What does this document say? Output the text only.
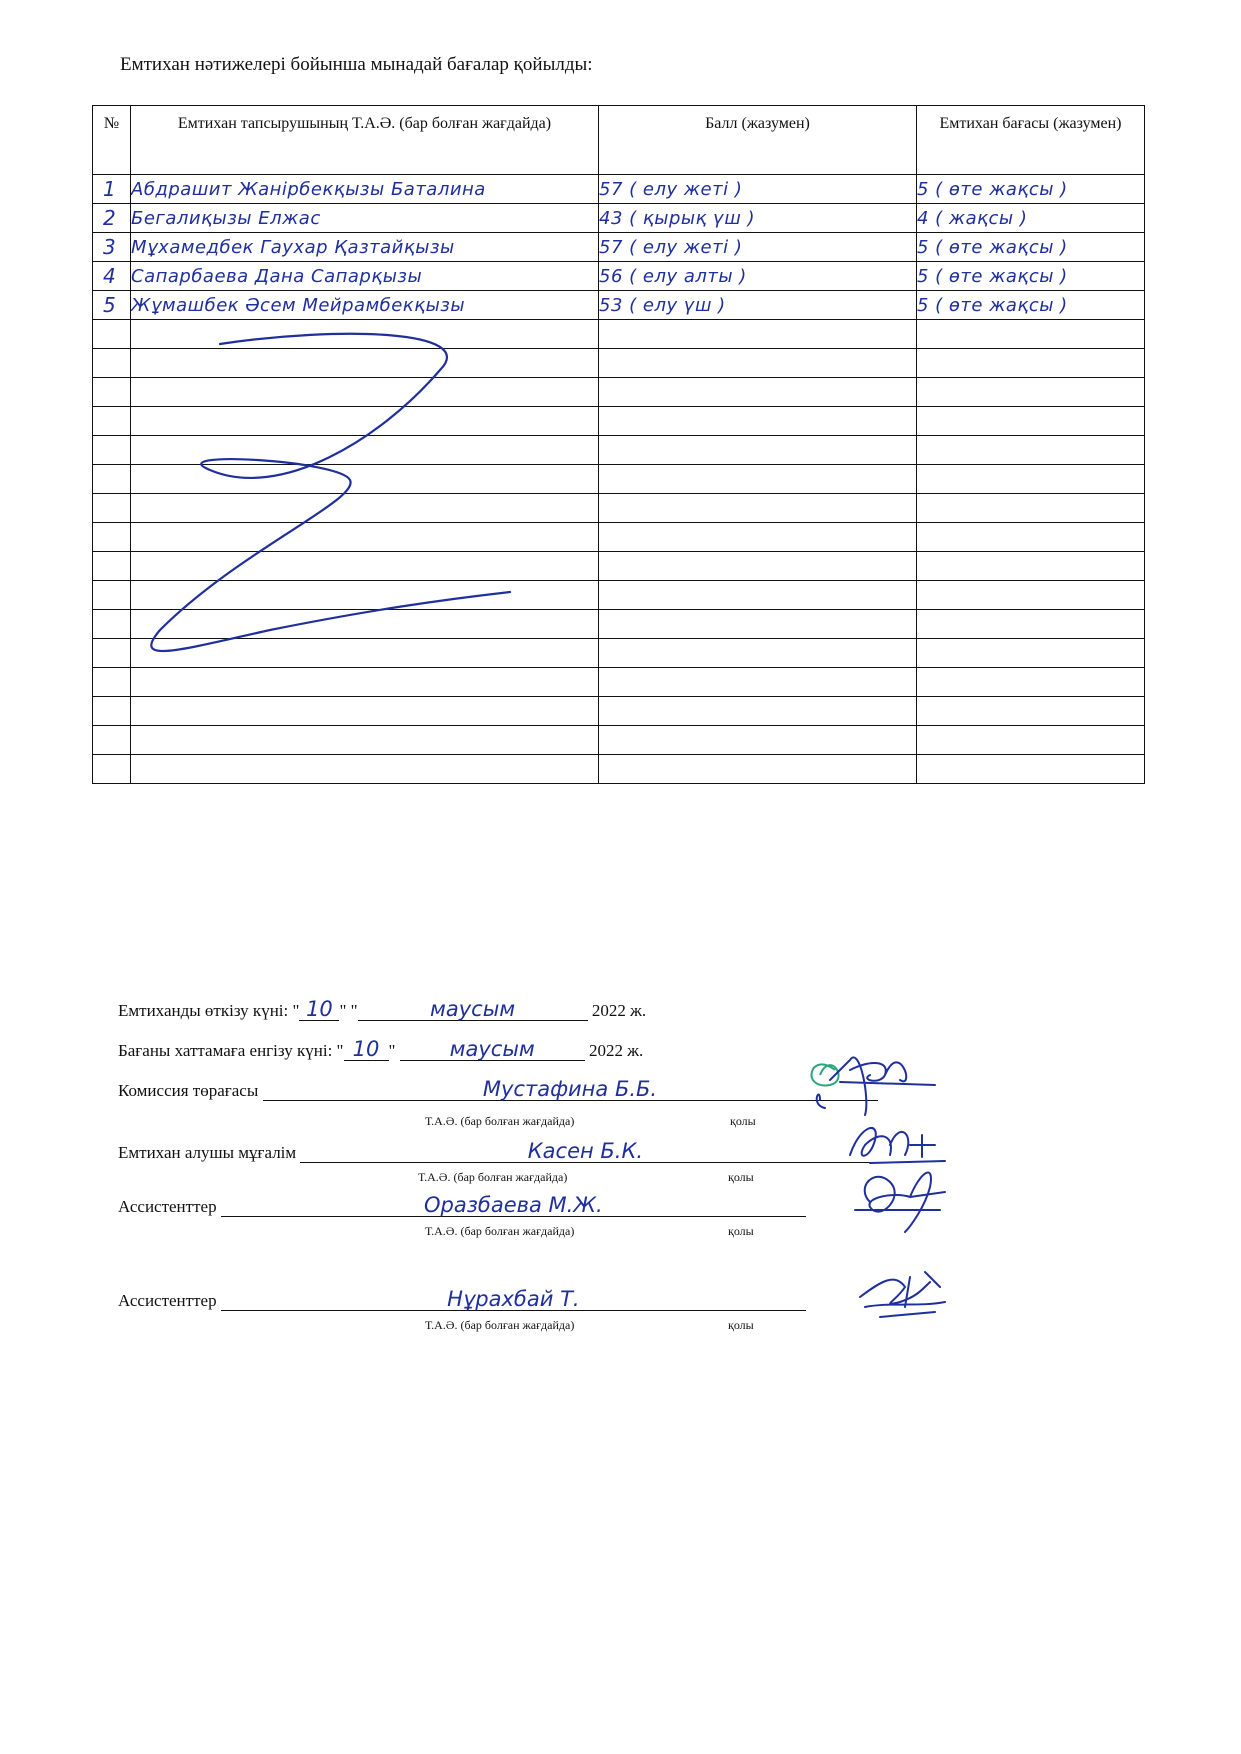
Емтихан нәтижелері бойынша мынадай бағалар қойылды:
№	Емтихан тапсырушының Т.А.Ә. (бар болған жағдайда)	Балл (жазумен)	Емтихан бағасы (жазумен)
1	Абдрашит Жанірбекқызы Баталина	57 ( елу жеті )	5 ( өте жақсы )
2	Бегалиқызы Елжас	43 ( қырық үш )	4 ( жақсы )
3	Мұхамедбек Гаухар Қазтайқызы	57 ( елу жеті )	5 ( өте жақсы )
4	Сапарбаева Дана Сапарқызы	56 ( елу алты )	5 ( өте жақсы )
5	Жұмашбек Әсем Мейрамбекқызы	53 ( елу үш )	5 ( өте жақсы )

Емтиханды өткізу күні: " 10 " "	маусым	2022 ж.
Бағаны хаттамаға енгізу күні: " 10 " маусым	2022 ж.
Комиссия төрағасы	Мустафина Б.Б.
Т.А.Ә. (бар болған жағдайда)	қолы
Емтихан алушы мұғалім	Касен Б.К.
Т.А.Ә. (бар болған жағдайда)	қолы
Ассистенттер	Оразбаева М.Ж.
Т.А.Ә. (бар болған жағдайда)	қолы
Ассистенттер	Нұрахбай Т.
Т.А.Ә. (бар болған жағдайда)	қолы
